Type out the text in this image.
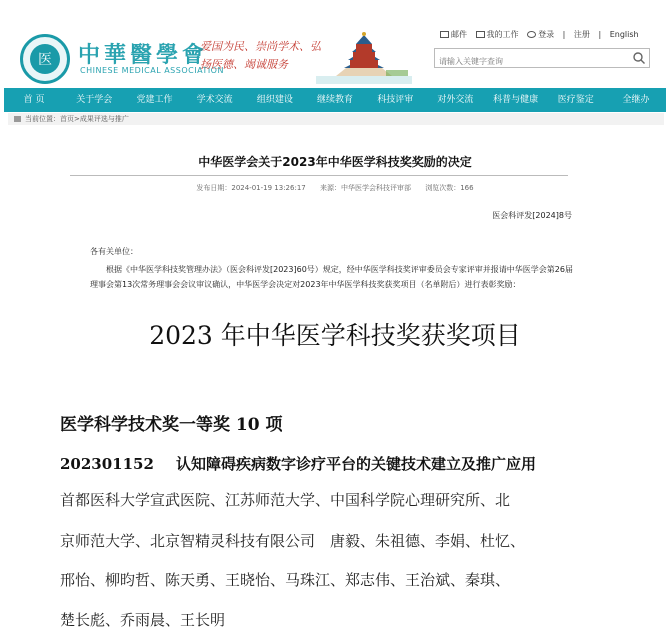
医	中華醫學會
CHINESE MEDICAL ASSOCIATION
爱国为民、崇尚学术、弘扬医德、竭诚服务
邮件 我的工作 登录 | 注册 | English
请输入关键字查询
首 页	关于学会	党建工作	学术交流	组织建设	继续教育	科技评审	对外交流	科普与健康	医疗鉴定	全继办
当前位置：首页>成果评选与推广
中华医学会关于2023年中华医学科技奖奖励的决定
发布日期：2024-01-19 13:26:17 来源：中华医学会科技评审部 浏览次数：166
医会科评发[2024]8号
各有关单位：
根据《中华医学科技奖管理办法》（医会科评发[2023]60号）规定，经中华医学科技奖评审委员会专家评审并报请中华医学会第26届理事会第13次常务理事会会议审议确认，中华医学会决定对2023年中华医学科技奖获奖项目（名单附后）进行表彰奖励：
2023 年中华医学科技奖获奖项目
医学科学技术奖一等奖 10 项
202301152 认知障碍疾病数字诊疗平台的关键技术建立及推广应用
首都医科大学宣武医院、江苏师范大学、中国科学院心理研究所、北
京师范大学、北京智精灵科技有限公司　唐毅、朱祖德、李娟、杜忆、
邢怡、柳昀哲、陈天勇、王晓怡、马珠江、郑志伟、王治斌、秦琪、
楚长彪、乔雨晨、王长明
